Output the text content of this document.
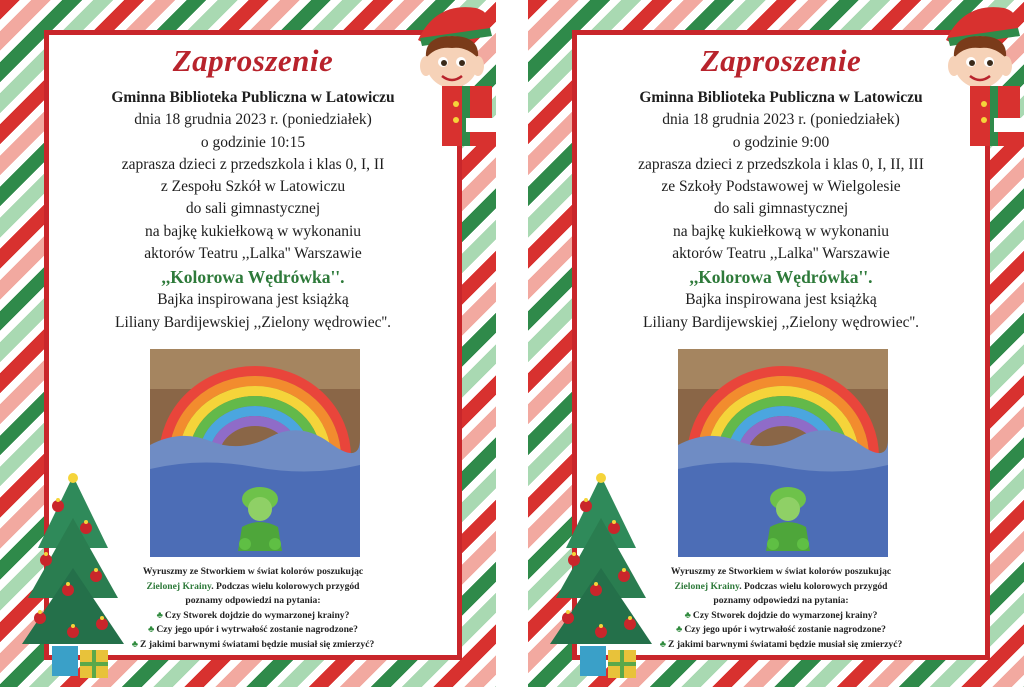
Zaproszenie
Gminna Biblioteka Publiczna w Latowiczu
dnia 18 grudnia 2023 r. (poniedziałek)
o godzinie 10:15
zaprasza dzieci z przedszkola i klas 0, I, II
z Zespołu Szkół w Latowiczu
do sali gimnastycznej
na bajkę kukiełkową w wykonaniu
aktorów Teatru ,,Lalka'' Warszawie
,,Kolorowa Wędrówka''.
Bajka inspirowana jest książką
Liliany Bardijewskiej ,,Zielony wędrowiec''.
Wyruszmy ze Stworkiem w świat kolorów poszukując
Zielonej Krainy. Podczas wielu kolorowych przygód
poznamy odpowiedzi na pytania:
♣ Czy Stworek dojdzie do wymarzonej krainy?
♣ Czy jego upór i wytrwałość zostanie nagrodzone?
♣ Z jakimi barwnymi światami będzie musiał się zmierzyć?
Zaproszenie
Gminna Biblioteka Publiczna w Latowiczu
dnia 18 grudnia 2023 r. (poniedziałek)
o godzinie 9:00
zaprasza dzieci z przedszkola i klas 0, I, II, III
ze Szkoły Podstawowej w Wielgolesie
do sali gimnastycznej
na bajkę kukiełkową w wykonaniu
aktorów Teatru ,,Lalka'' Warszawie
,,Kolorowa Wędrówka''.
Bajka inspirowana jest książką
Liliany Bardijewskiej ,,Zielony wędrowiec''.
Wyruszmy ze Stworkiem w świat kolorów poszukując
Zielonej Krainy. Podczas wielu kolorowych przygód
poznamy odpowiedzi na pytania:
♣ Czy Stworek dojdzie do wymarzonej krainy?
♣ Czy jego upór i wytrwałość zostanie nagrodzone?
♣ Z jakimi barwnymi światami będzie musiał się zmierzyć?
